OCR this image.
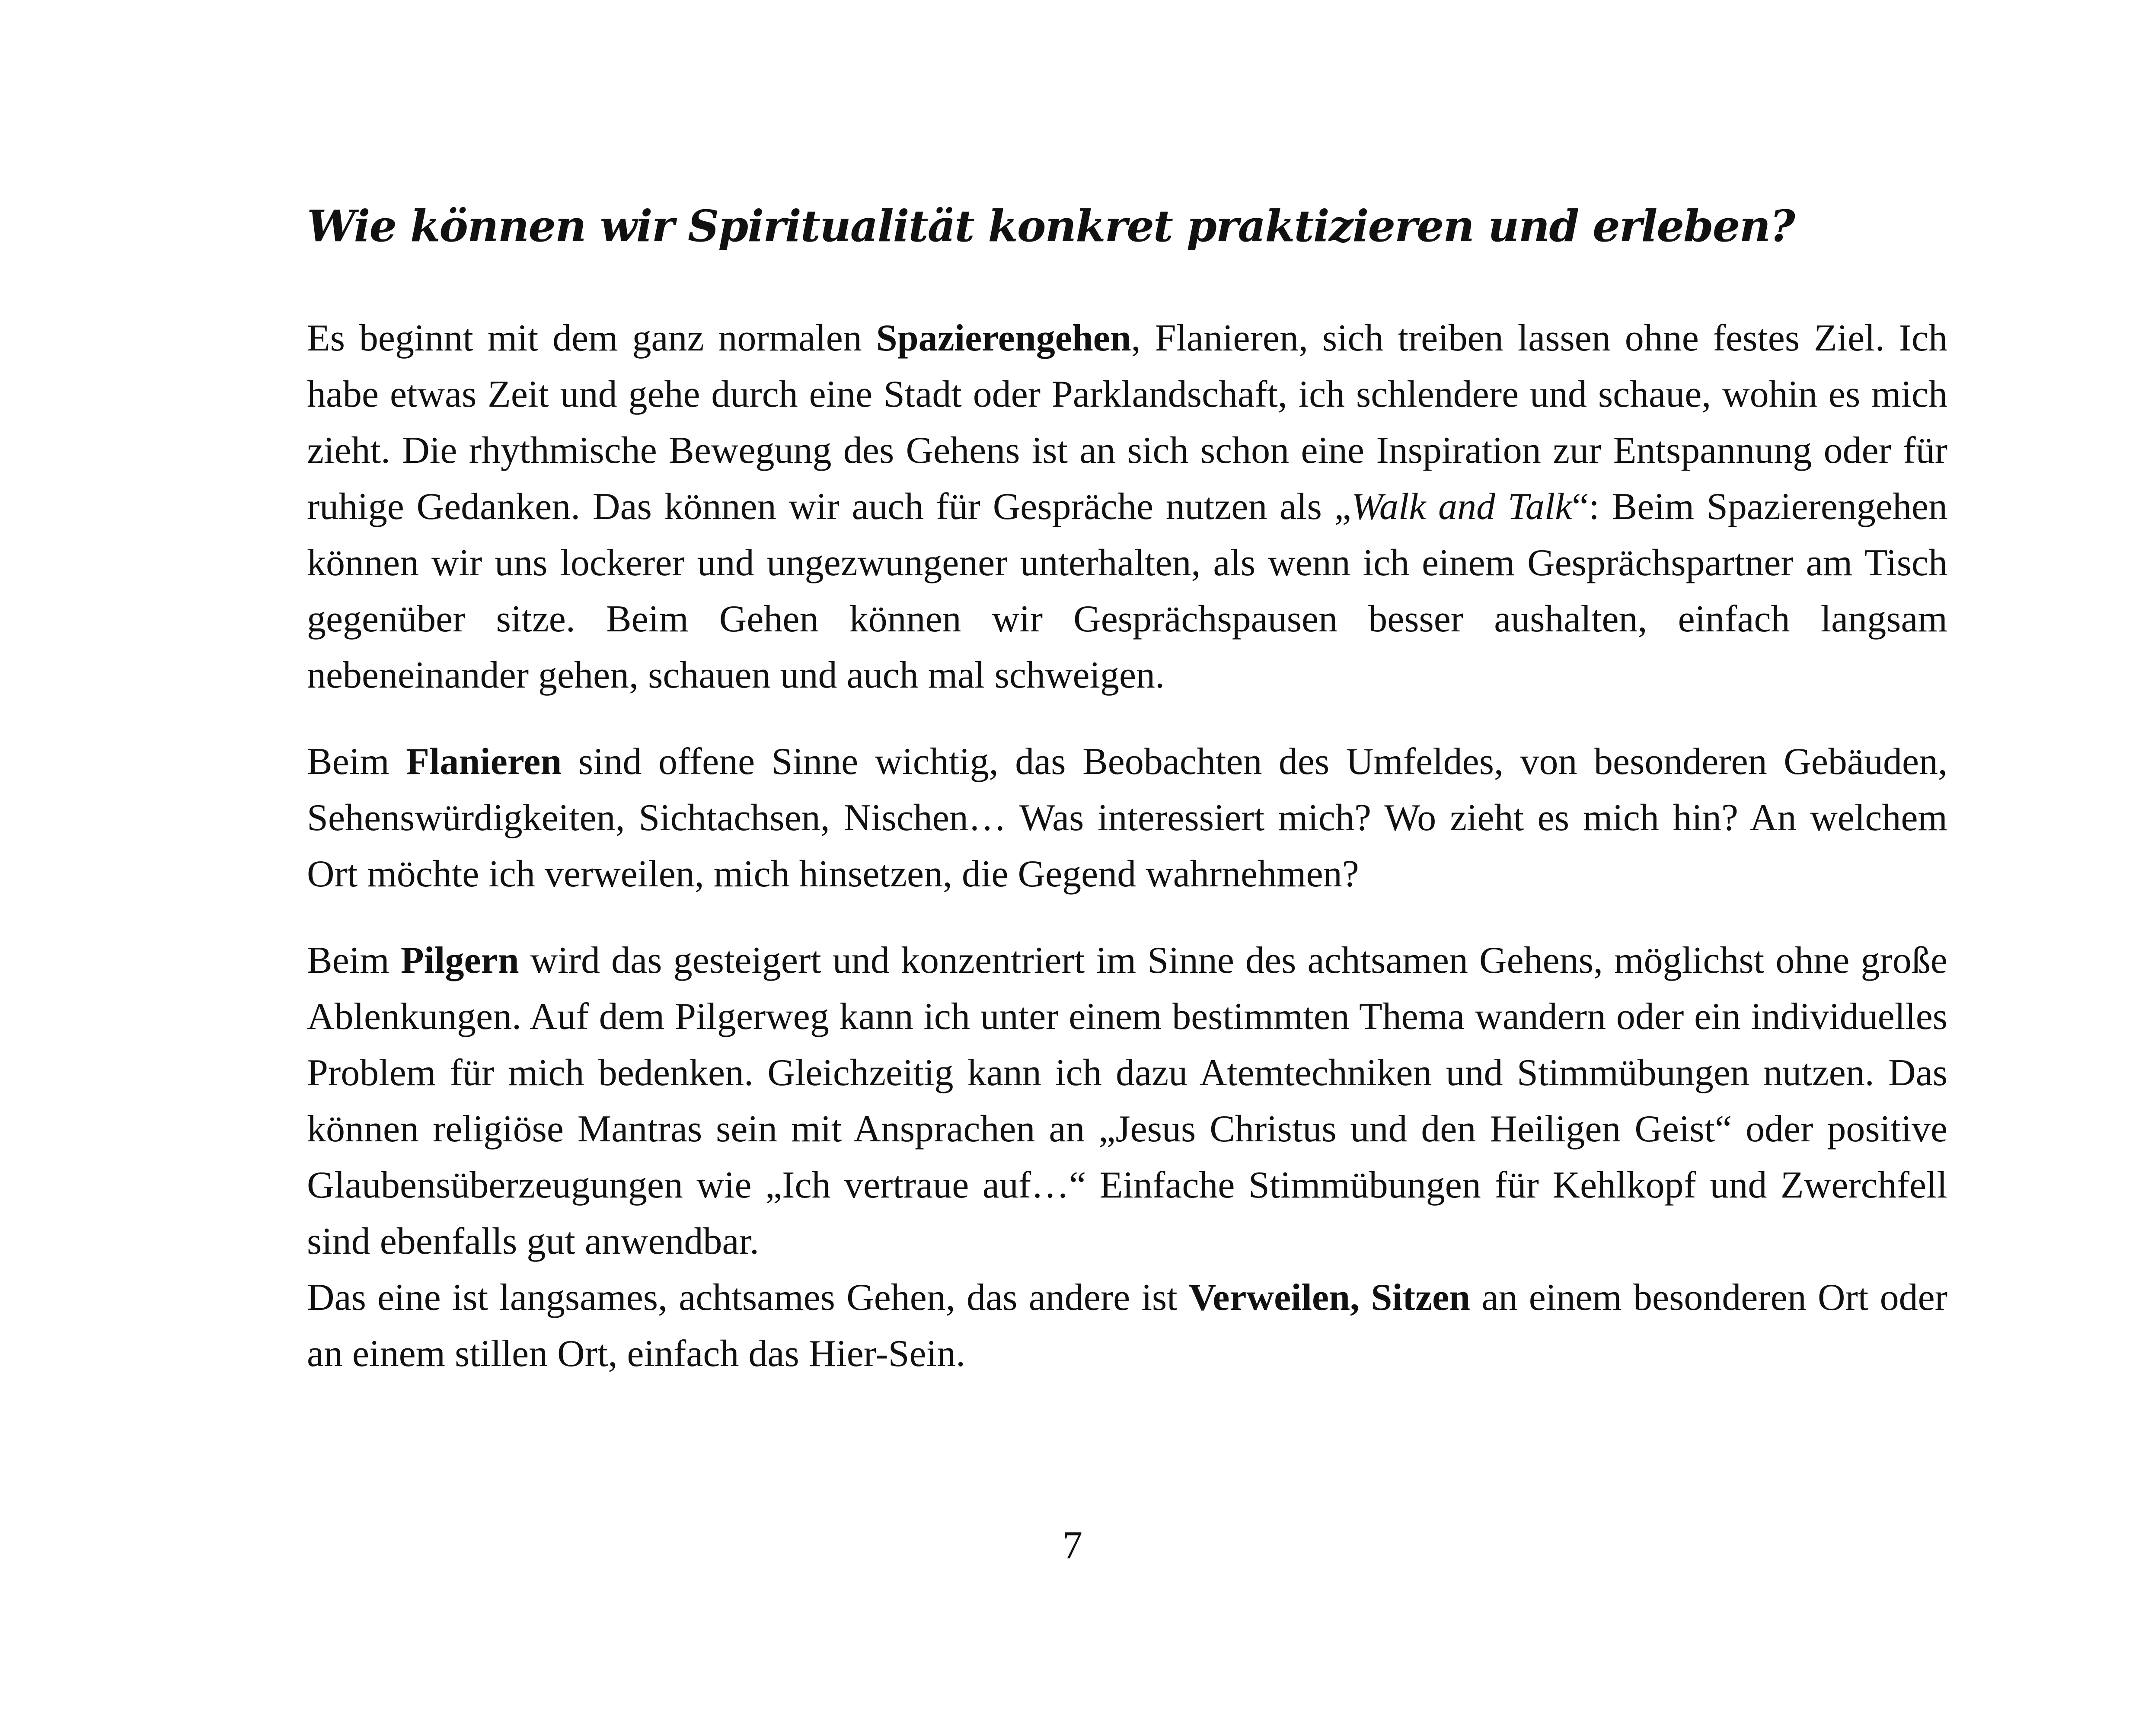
Wie können wir Spiritualität konkret praktizieren und erleben?

Es beginnt mit dem ganz normalen Spazierengehen, Flanieren, sich treiben lassen ohne festes Ziel. Ich habe etwas Zeit und gehe durch eine Stadt oder Parklandschaft, ich schlendere und schaue, wohin es mich zieht. Die rhythmische Bewegung des Gehens ist an sich schon eine Inspiration zur Entspannung oder für ruhige Gedanken. Das können wir auch für Gespräche nutzen als „Walk and Talk“: Beim Spazierengehen können wir uns lockerer und ungezwungener unterhalten, als wenn ich einem Gesprächspartner am Tisch gegenüber sitze. Beim Gehen können wir Gesprächspausen besser aushalten, einfach langsam nebeneinander gehen, schauen und auch mal schweigen.

Beim Flanieren sind offene Sinne wichtig, das Beobachten des Umfeldes, von besonderen Gebäuden, Sehenswürdigkeiten, Sichtachsen, Nischen… Was interessiert mich? Wo zieht es mich hin? An welchem Ort möchte ich verweilen, mich hinsetzen, die Gegend wahrnehmen?

Beim Pilgern wird das gesteigert und konzentriert im Sinne des achtsamen Gehens, möglichst ohne große Ablenkungen. Auf dem Pilgerweg kann ich unter einem bestimmten Thema wandern oder ein individuelles Problem für mich bedenken. Gleichzeitig kann ich dazu Atemtechniken und Stimmübungen nutzen. Das können religiöse Mantras sein mit Ansprachen an „Jesus Christus und den Heiligen Geist“ oder positive Glaubensüberzeugungen wie „Ich vertraue auf…“ Einfache Stimmübungen für Kehlkopf und Zwerchfell sind ebenfalls gut anwendbar.

Das eine ist langsames, achtsames Gehen, das andere ist Verweilen, Sitzen an einem besonderen Ort oder an einem stillen Ort, einfach das Hier-Sein.

7
